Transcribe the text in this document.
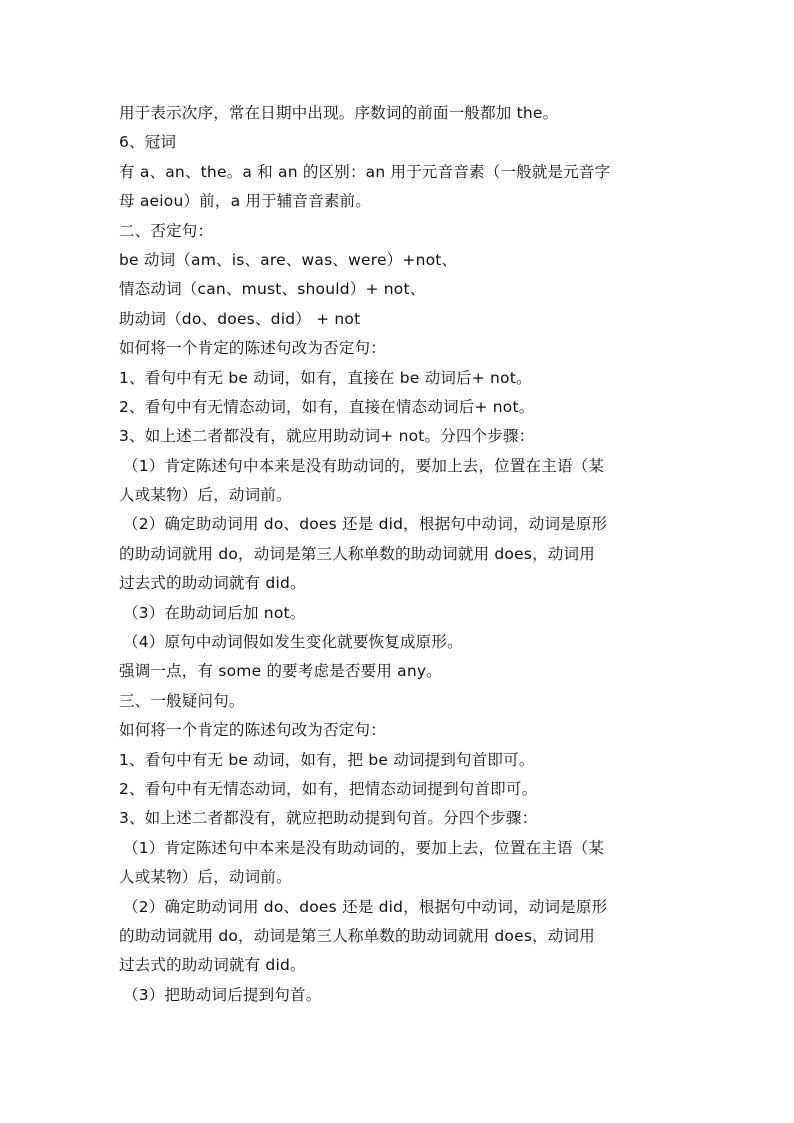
用于表示次序，常在日期中出现。序数词的前面一般都加 the。
6、冠词
有 a、an、the。a 和 an 的区别：an 用于元音音素（一般就是元音字
母 aeiou）前，a 用于辅音音素前。
二、否定句：
be 动词（am、is、are、was、were）+not、
情态动词（can、must、should）+ not、
助动词（do、does、did） + not
如何将一个肯定的陈述句改为否定句：
1、看句中有无 be 动词，如有，直接在 be 动词后+ not。
2、看句中有无情态动词，如有，直接在情态动词后+ not。
3、如上述二者都没有，就应用助动词+ not。分四个步骤：
（1）肯定陈述句中本来是没有助动词的，要加上去，位置在主语（某
人或某物）后，动词前。
（2）确定助动词用 do、does 还是 did，根据句中动词，动词是原形
的助动词就用 do，动词是第三人称单数的助动词就用 does，动词用
过去式的助动词就有 did。
（3）在助动词后加 not。
（4）原句中动词假如发生变化就要恢复成原形。
强调一点，有 some 的要考虑是否要用 any。
三、一般疑问句。
如何将一个肯定的陈述句改为否定句：
1、看句中有无 be 动词，如有，把 be 动词提到句首即可。
2、看句中有无情态动词，如有，把情态动词提到句首即可。
3、如上述二者都没有，就应把助动提到句首。分四个步骤：
（1）肯定陈述句中本来是没有助动词的，要加上去，位置在主语（某
人或某物）后，动词前。
（2）确定助动词用 do、does 还是 did，根据句中动词，动词是原形
的助动词就用 do，动词是第三人称单数的助动词就用 does，动词用
过去式的助动词就有 did。
（3）把助动词后提到句首。
